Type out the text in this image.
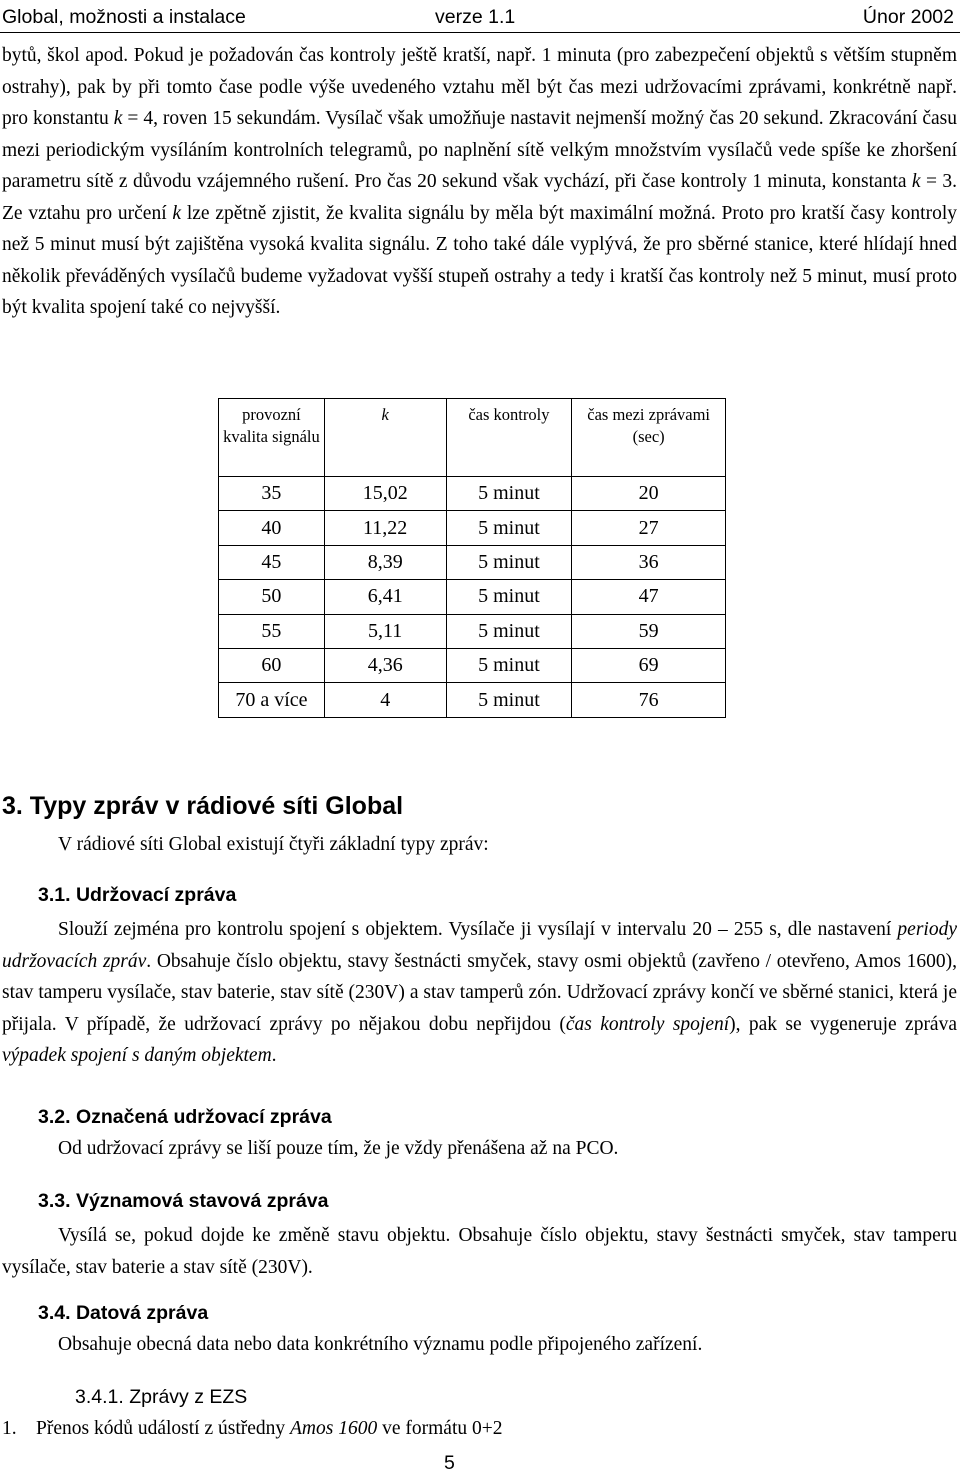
Global, možnosti a instalace	verze 1.1	Únor 2002

bytů, škol apod. Pokud je požadován čas kontroly ještě kratší, např. 1 minuta (pro zabezpečení objektů s větším stupněm ostrahy), pak by při tomto čase podle výše uvedeného vztahu měl být čas mezi udržovacími zprávami, konkrétně např. pro konstantu k = 4, roven 15 sekundám. Vysílač však umožňuje nastavit nejmenší možný čas 20 sekund. Zkracování času mezi periodickým vysíláním kontrolních telegramů, po naplnění sítě velkým množstvím vysílačů vede spíše ke zhoršení parametru sítě z důvodu vzájemného rušení. Pro čas 20 sekund však vychází, při čase kontroly 1 minuta, konstanta k = 3. Ze vztahu pro určení k lze zpětně zjistit, že kvalita signálu by měla být maximální možná. Proto pro kratší časy kontroly než 5 minut musí být zajištěna vysoká kvalita signálu. Z toho také dále vyplývá, že pro sběrné stanice, které hlídají hned několik převáděných vysílačů budeme vyžadovat vyšší stupeň ostrahy a tedy i kratší čas kontroly než 5 minut, musí proto být kvalita spojení také co nejvyšší.

provozní kvalita signálu	k	čas kontroly	čas mezi zprávami (sec)
35	15,02	5 minut	20
40	11,22	5 minut	27
45	8,39	5 minut	36
50	6,41	5 minut	47
55	5,11	5 minut	59
60	4,36	5 minut	69
70 a více	4	5 minut	76
3. Typy zpráv v rádiové síti Global

V rádiové síti Global existují čtyři základní typy zpráv:

3.1. Udržovací zpráva

Slouží zejména pro kontrolu spojení s objektem. Vysílače ji vysílají v intervalu 20 – 255 s, dle nastavení periody udržovacích zpráv. Obsahuje číslo objektu, stavy šestnácti smyček, stavy osmi objektů (zavřeno / otevřeno, Amos 1600), stav tamperu vysílače, stav baterie, stav sítě (230V) a stav tamperů zón. Udržovací zprávy končí ve sběrné stanici, která je přijala. V případě, že udržovací zprávy po nějakou dobu nepřijdou (čas kontroly spojení), pak se vygeneruje zpráva výpadek spojení s daným objektem.

3.2. Označená udržovací zpráva

Od udržovací zprávy se liší pouze tím, že je vždy přenášena až na PCO.

3.3. Významová stavová zpráva

Vysílá se, pokud dojde ke změně stavu objektu. Obsahuje číslo objektu, stavy šestnácti smyček, stav tamperu vysílače, stav baterie a stav sítě (230V).

3.4. Datová zpráva

Obsahuje obecná data nebo data konkrétního významu podle připojeného zařízení.

3.4.1. Zprávy z EZS

1. Přenos kódů událostí z ústředny Amos 1600 ve formátu 0+2

5
